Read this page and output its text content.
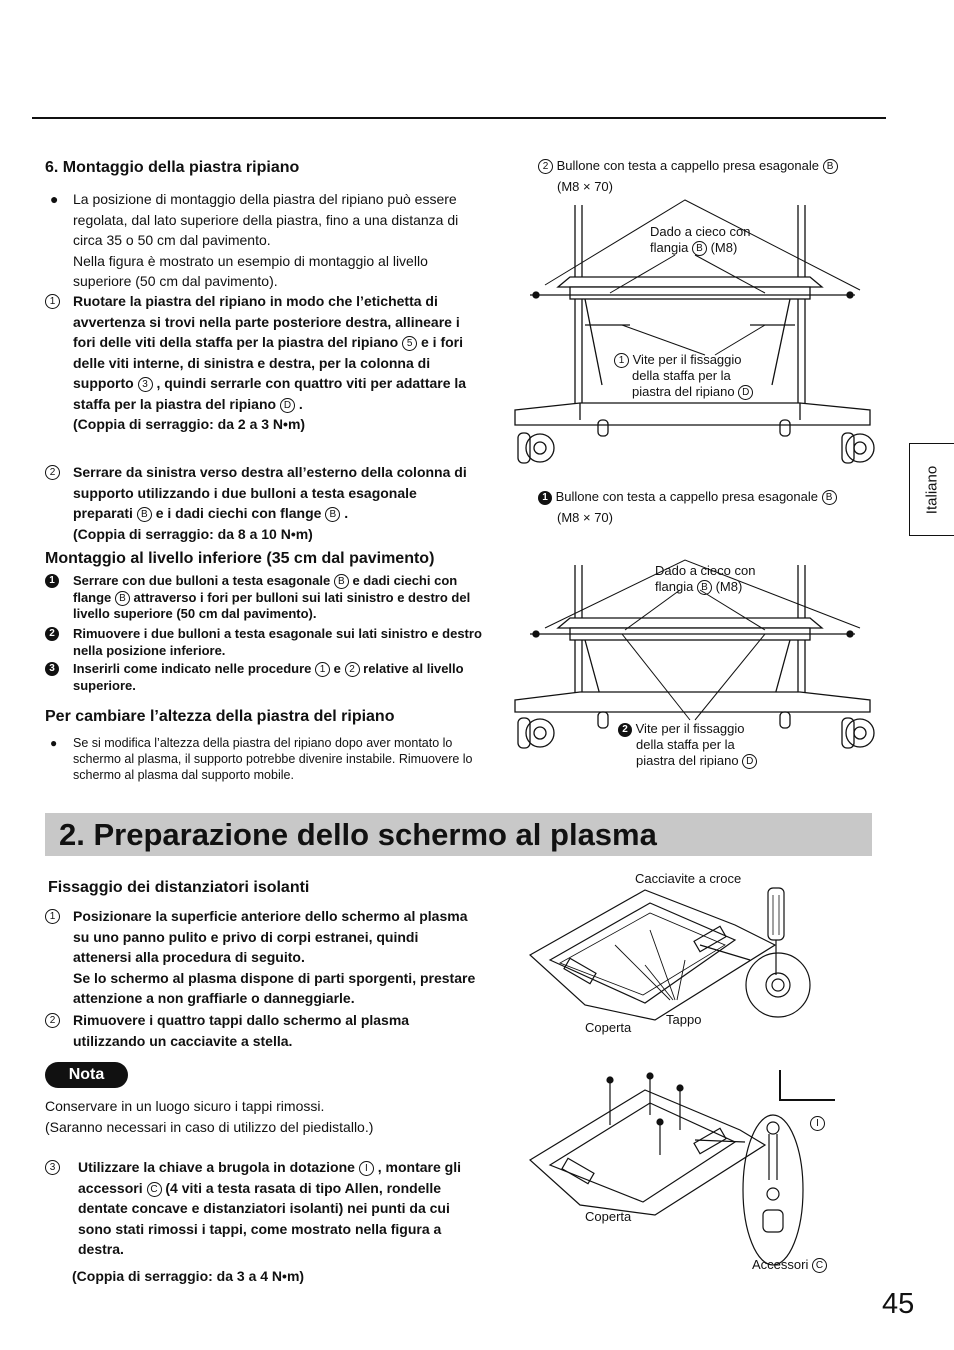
Italiano
6. Montaggio della piastra ripiano
● La posizione di montaggio della piastra del ripiano può essere regolata, dal lato superiore della piastra, fino a una distanza di circa 35 o 50 cm dal pavimento.
Nella figura è mostrato un esempio di montaggio al livello superiore (50 cm dal pavimento).
1	Ruotare la piastra del ripiano in modo che l’etichetta di avvertenza si trovi nella parte posteriore destra, allineare i fori delle viti della staffa per la piastra del ripiano 5 e i fori delle viti interne, di sinistra e destra, per la colonna di supporto 3 , quindi serrarle con quattro viti per adattare la staffa per la piastra del ripiano D .
(Coppia di serraggio: da 2 a 3 N•m)
2	Serrare da sinistra verso destra all’esterno della colonna di supporto utilizzando i due bulloni a testa esagonale preparati B e i dadi ciechi con flange B .
(Coppia di serraggio: da 8 a 10 N•m)
Montaggio al livello inferiore (35 cm dal pavimento)
1	Serrare con due bulloni a testa esagonale B e dadi ciechi con flange B attraverso i fori per bulloni sui lati sinistro e destro del livello superiore (50 cm dal pavimento).
2	Rimuovere i due bulloni a testa esagonale sui lati sinistro e destro nella posizione inferiore.
3	Inserirli come indicato nelle procedure 1 e 2 relative al livello superiore.
Per cambiare l’altezza della piastra del ripiano
● Se si modifica l’altezza della piastra del ripiano dopo aver montato lo schermo al plasma, il supporto potrebbe divenire instabile. Rimuovere lo schermo al plasma dal supporto mobile.
2 Bullone con testa a cappello presa esagonale B
(M8 × 70)
Dado a cieco con
flangia B (M8)
1 Vite per il fissaggio
della staffa per la
piastra del ripiano D
1 Bullone con testa a cappello presa esagonale B
(M8 × 70)
Dado a cieco con
flangia B (M8)
2 Vite per il fissaggio
della staffa per la
piastra del ripiano D
2. Preparazione dello schermo al plasma
Fissaggio dei distanziatori isolanti
1	Posizionare la superficie anteriore dello schermo al plasma su uno panno pulito e privo di corpi estranei, quindi attenersi alla procedura di seguito.
Se lo schermo al plasma dispone di parti sporgenti, prestare attenzione a non graffiarle o danneggiarle.
2	Rimuovere i quattro tappi dallo schermo al plasma utilizzando un cacciavite a stella.
Nota
Conservare in un luogo sicuro i tappi rimossi.
(Saranno necessari in caso di utilizzo del piedistallo.)
3	Utilizzare la chiave a brugola in dotazione I , montare gli accessori C (4 viti a testa rasata di tipo Allen, rondelle dentate concave e distanziatori isolanti) nei punti da cui sono stati rimossi i tappi, come mostrato nella figura a destra.
(Coppia di serraggio: da 3 a 4 N•m)
Cacciavite a croce
Coperta
Tappo
I
Coperta
Accessori C
45
